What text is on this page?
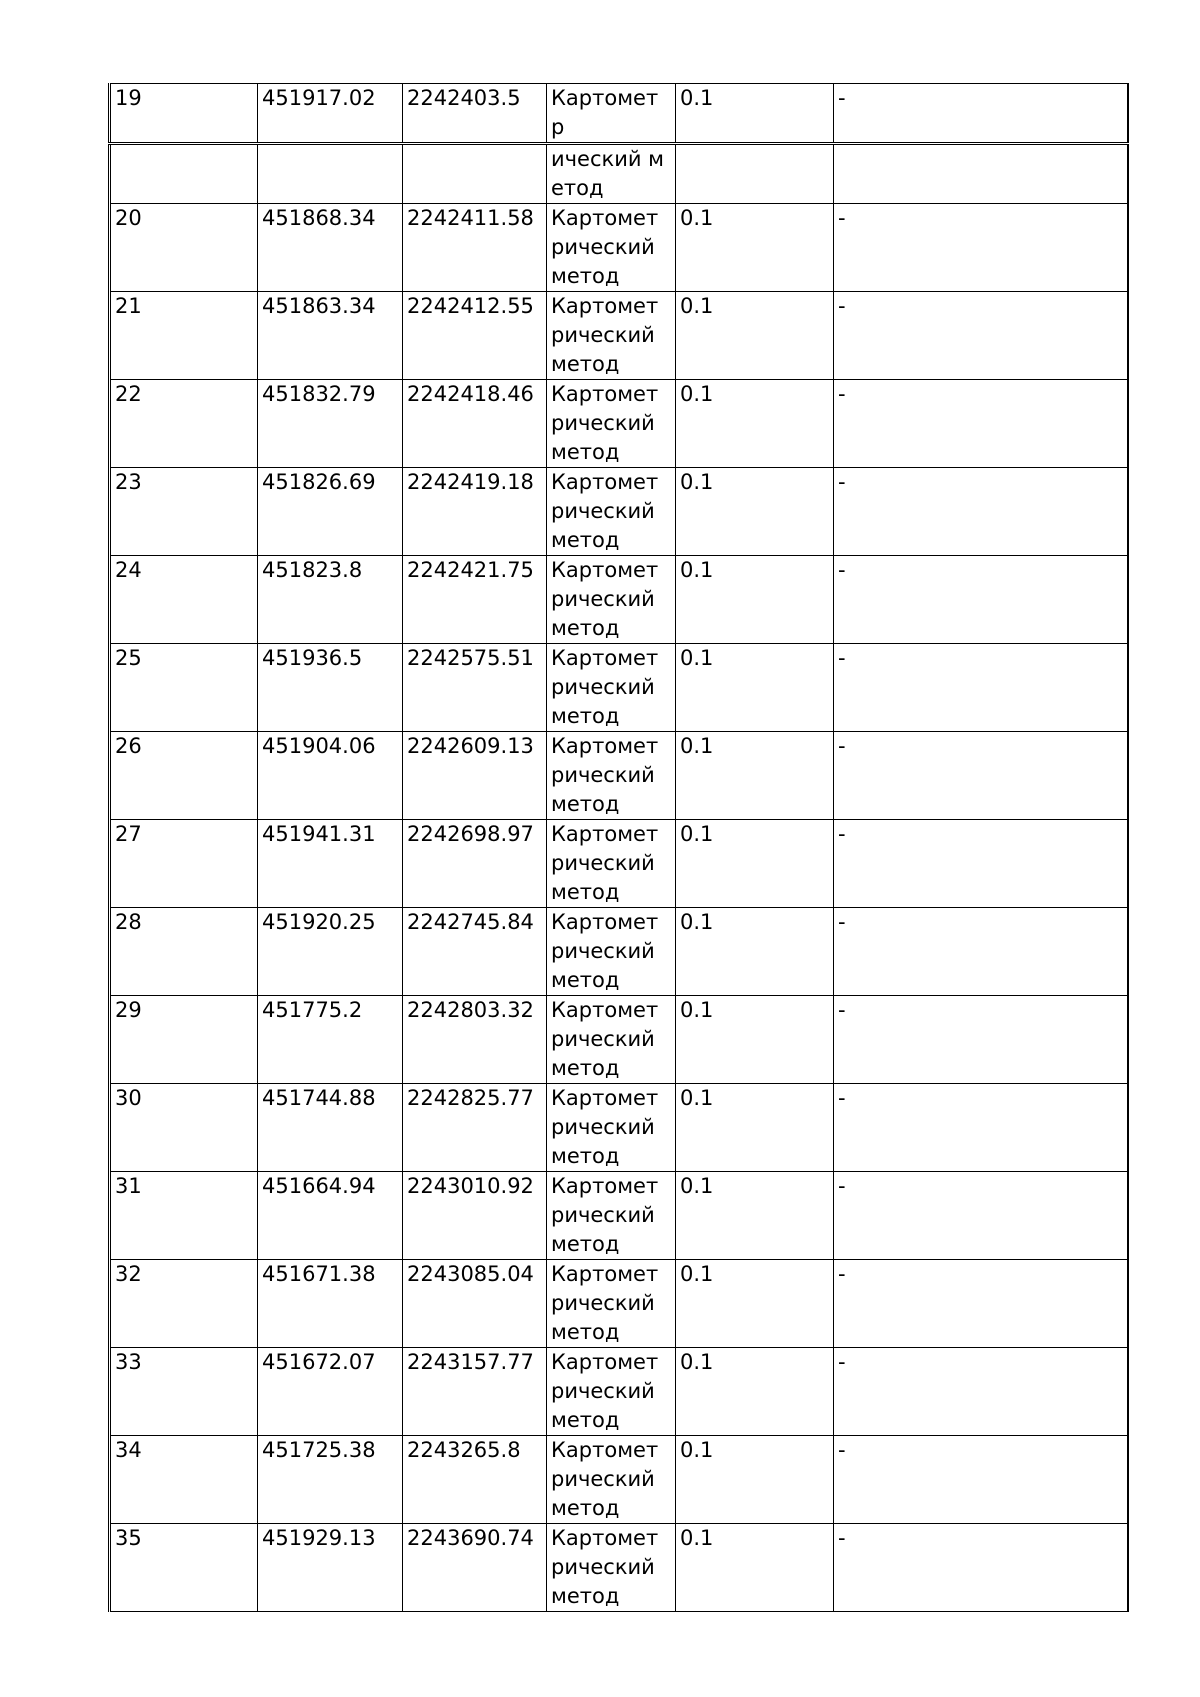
19	451917.02	2242403.5	Картометр	0.1	-
			ический метод		
20	451868.34	2242411.58	Картометрический метод	0.1	-
21	451863.34	2242412.55	Картометрический метод	0.1	-
22	451832.79	2242418.46	Картометрический метод	0.1	-
23	451826.69	2242419.18	Картометрический метод	0.1	-
24	451823.8	2242421.75	Картометрический метод	0.1	-
25	451936.5	2242575.51	Картометрический метод	0.1	-
26	451904.06	2242609.13	Картометрический метод	0.1	-
27	451941.31	2242698.97	Картометрический метод	0.1	-
28	451920.25	2242745.84	Картометрический метод	0.1	-
29	451775.2	2242803.32	Картометрический метод	0.1	-
30	451744.88	2242825.77	Картометрический метод	0.1	-
31	451664.94	2243010.92	Картометрический метод	0.1	-
32	451671.38	2243085.04	Картометрический метод	0.1	-
33	451672.07	2243157.77	Картометрический метод	0.1	-
34	451725.38	2243265.8	Картометрический метод	0.1	-
35	451929.13	2243690.74	Картометрический метод	0.1	-
